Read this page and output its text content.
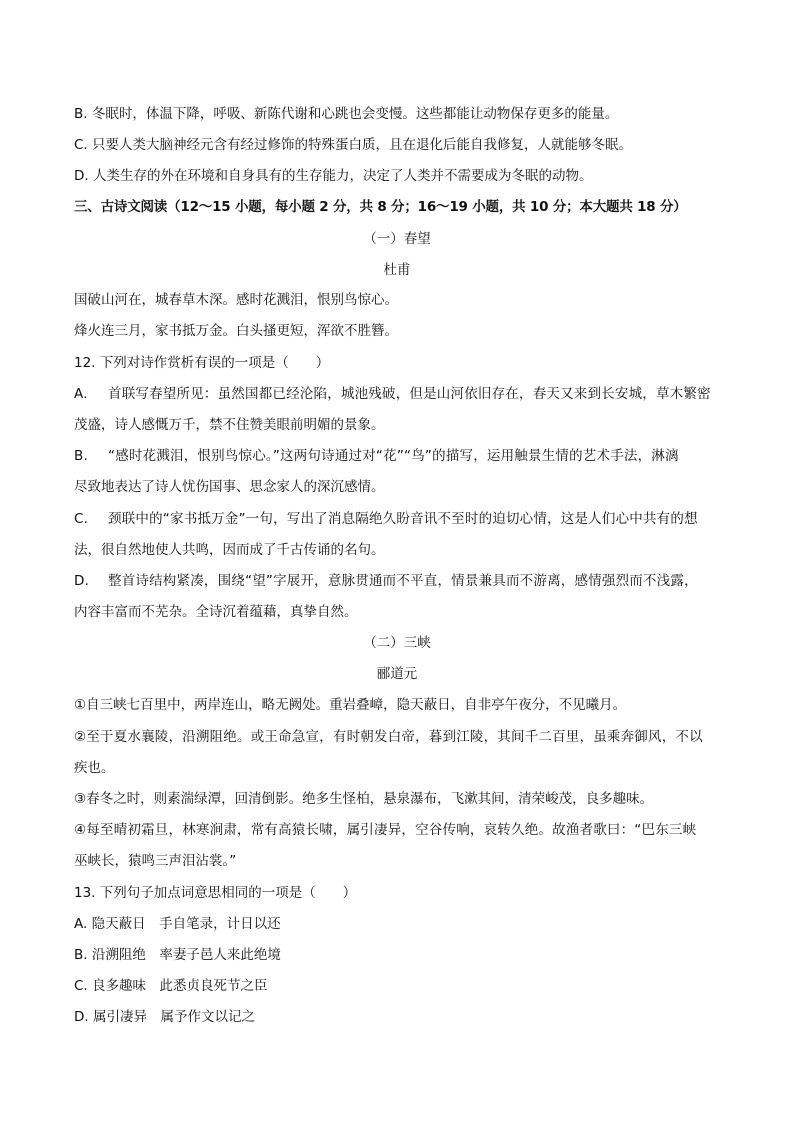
B. 冬眠时，体温下降，呼吸、新陈代谢和心跳也会变慢。这些都能让动物保存更多的能量。
C. 只要人类大脑神经元含有经过修饰的特殊蛋白质，且在退化后能自我修复，人就能够冬眠。
D. 人类生存的外在环境和自身具有的生存能力，决定了人类并不需要成为冬眠的动物。
三、古诗文阅读（12～15 小题，每小题 2 分，共 8 分；16～19 小题，共 10 分；本大题共 18 分）
（一）春望
杜甫
国破山河在，城春草木深。感时花溅泪，恨别鸟惊心。
烽火连三月，家书抵万金。白头搔更短，浑欲不胜簪。
12. 下列对诗作赏析有误的一项是（　　）
A. 首联写春望所见：虽然国都已经沦陷，城池残破，但是山河依旧存在，春天又来到长安城，草木繁密
茂盛，诗人感慨万千，禁不住赞美眼前明媚的景象。
B. “感时花溅泪，恨别鸟惊心。”这两句诗通过对“花”“鸟”的描写，运用触景生情的艺术手法，淋漓
尽致地表达了诗人忧伤国事、思念家人的深沉感情。
C. 颈联中的“家书抵万金”一句，写出了消息隔绝久盼音讯不至时的迫切心情，这是人们心中共有的想
法，很自然地使人共鸣，因而成了千古传诵的名句。
D. 整首诗结构紧凑，围绕“望”字展开，意脉贯通而不平直，情景兼具而不游离，感情强烈而不浅露，
内容丰富而不芜杂。全诗沉着蕴藉，真挚自然。
（二）三峡
郦道元
①自三峡七百里中，两岸连山，略无阙处。重岩叠嶂，隐天蔽日，自非亭午夜分，不见曦月。
②至于夏水襄陵，沿溯阻绝。或王命急宣，有时朝发白帝，暮到江陵，其间千二百里，虽乘奔御风，不以
疾也。
③春冬之时，则素湍绿潭，回清倒影。绝多生怪柏，悬泉瀑布，飞漱其间，清荣峻茂，良多趣味。
④每至晴初霜旦，林寒涧肃，常有高猿长啸，属引凄异，空谷传响，哀转久绝。故渔者歌曰：“巴东三峡
巫峡长，猿鸣三声泪沾裳。”
13. 下列句子加点词意思相同的一项是（　　）
A. 隐天蔽日　手自笔录，计日以还
B. 沿溯阻绝　率妻子邑人来此绝境
C. 良多趣味　此悉贞良死节之臣
D. 属引凄异　属予作文以记之
